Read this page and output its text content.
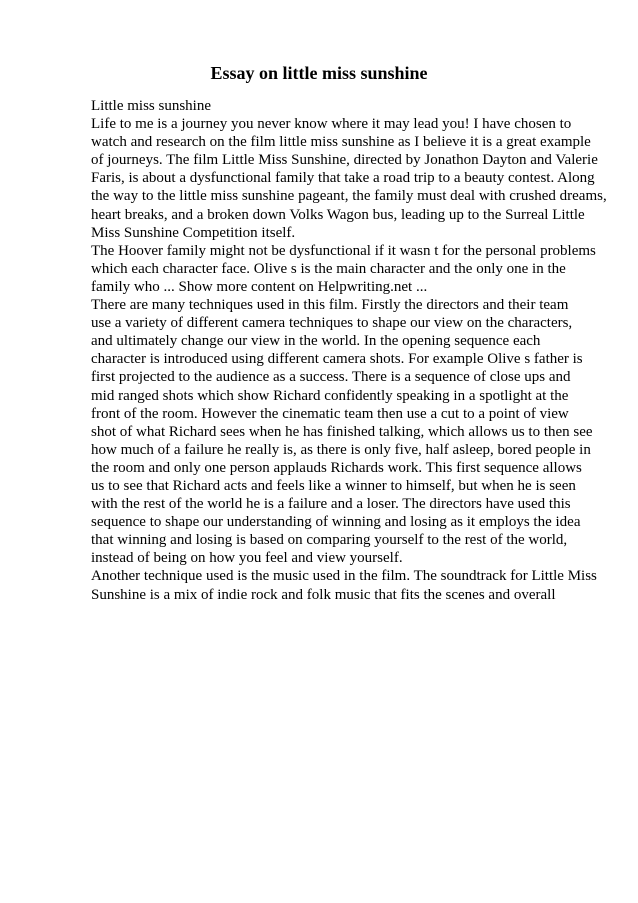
Essay on little miss sunshine
Little miss sunshine
Life to me is a journey you never know where it may lead you! I have chosen to
watch and research on the film little miss sunshine as I believe it is a great example
of journeys. The film Little Miss Sunshine, directed by Jonathon Dayton and Valerie
Faris, is about a dysfunctional family that take a road trip to a beauty contest. Along
the way to the little miss sunshine pageant, the family must deal with crushed dreams,
heart breaks, and a broken down Volks Wagon bus, leading up to the Surreal Little
Miss Sunshine Competition itself.
The Hoover family might not be dysfunctional if it wasn t for the personal problems
which each character face. Olive s is the main character and the only one in the
family who ... Show more content on Helpwriting.net ...
There are many techniques used in this film. Firstly the directors and their team
use a variety of different camera techniques to shape our view on the characters,
and ultimately change our view in the world. In the opening sequence each
character is introduced using different camera shots. For example Olive s father is
first projected to the audience as a success. There is a sequence of close ups and
mid ranged shots which show Richard confidently speaking in a spotlight at the
front of the room. However the cinematic team then use a cut to a point of view
shot of what Richard sees when he has finished talking, which allows us to then see
how much of a failure he really is, as there is only five, half asleep, bored people in
the room and only one person applauds Richards work. This first sequence allows
us to see that Richard acts and feels like a winner to himself, but when he is seen
with the rest of the world he is a failure and a loser. The directors have used this
sequence to shape our understanding of winning and losing as it employs the idea
that winning and losing is based on comparing yourself to the rest of the world,
instead of being on how you feel and view yourself.
Another technique used is the music used in the film. The soundtrack for Little Miss
Sunshine is a mix of indie rock and folk music that fits the scenes and overall
